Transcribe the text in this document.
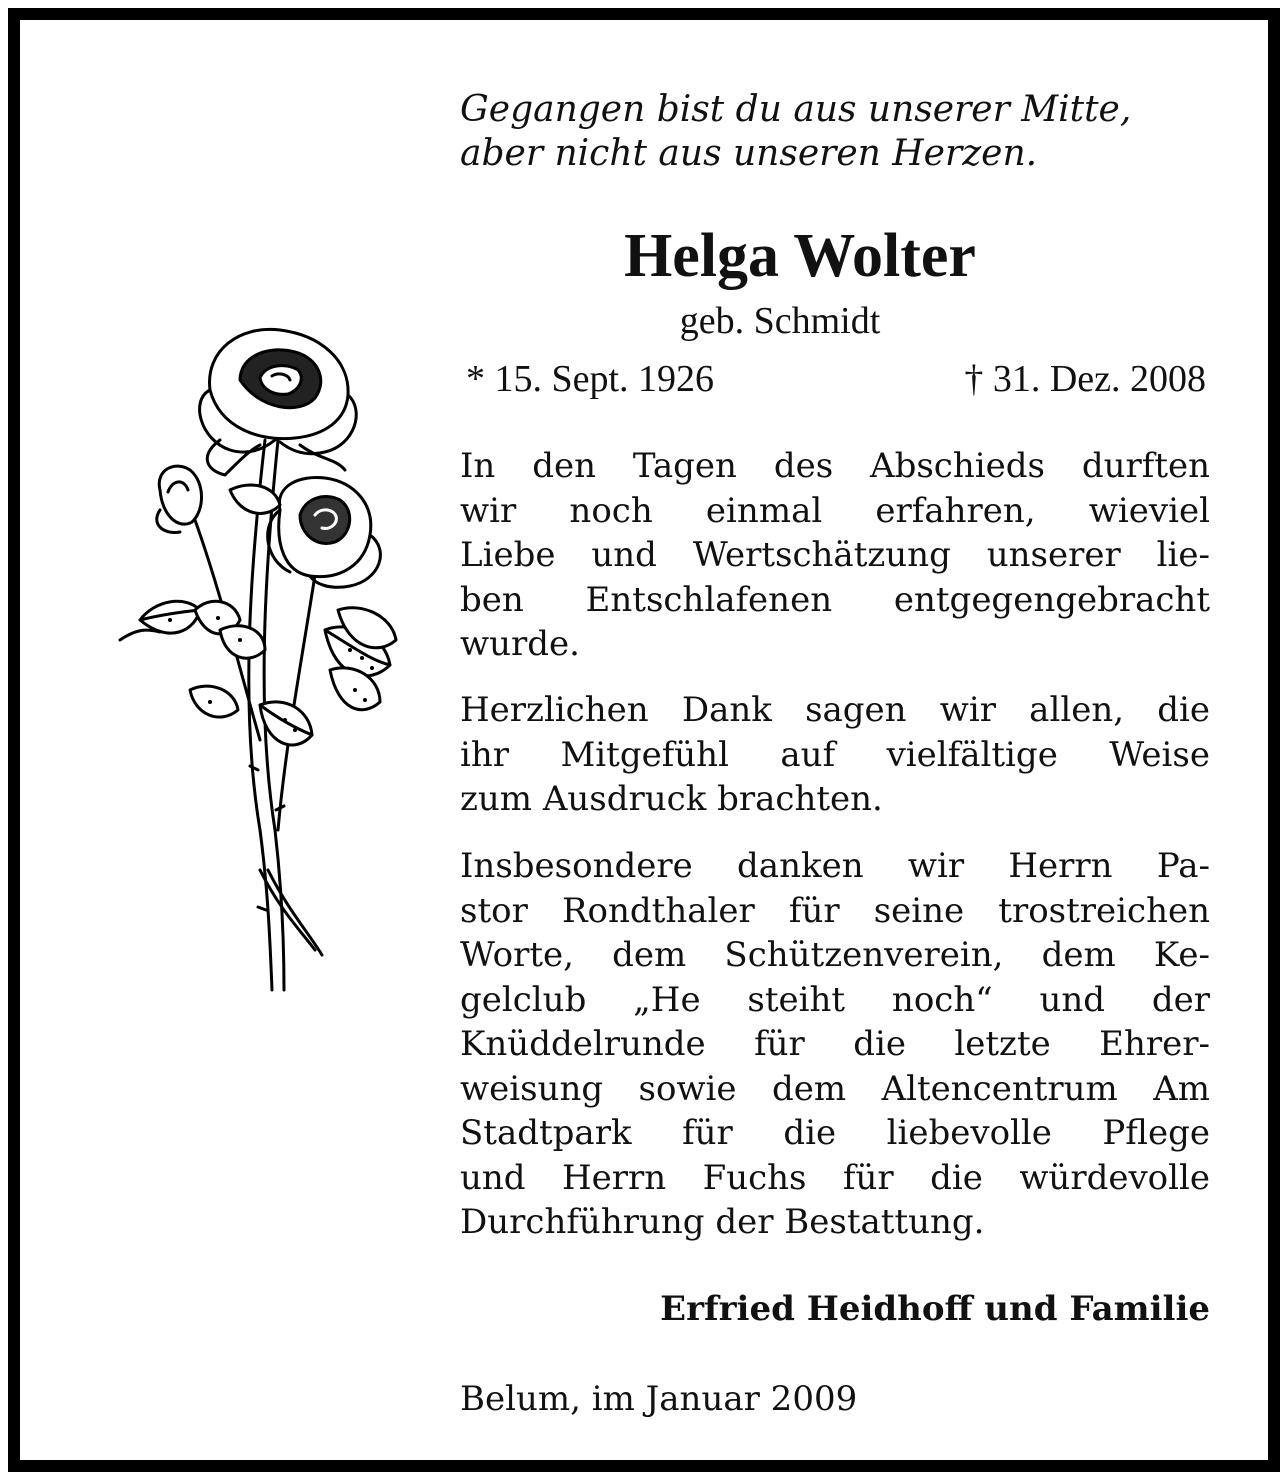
Gegangen bist du aus unserer Mitte,
aber nicht aus unseren Herzen.
Helga Wolter
geb. Schmidt
* 15. Sept. 1926	† 31. Dez. 2008
In den Tagen des Abschieds durften
wir noch einmal erfahren, wieviel
Liebe und Wertschätzung unserer lie-
ben Entschlafenen entgegengebracht
wurde.
Herzlichen Dank sagen wir allen, die
ihr Mitgefühl auf vielfältige Weise
zum Ausdruck brachten.
Insbesondere danken wir Herrn Pa-
stor Rondthaler für seine trostreichen
Worte, dem Schützenverein, dem Ke-
gelclub „He steiht noch“ und der
Knüddelrunde für die letzte Ehrer-
weisung sowie dem Altencentrum Am
Stadtpark für die liebevolle Pflege
und Herrn Fuchs für die würdevolle
Durchführung der Bestattung.
Erfried Heidhoff und Familie
Belum, im Januar 2009
